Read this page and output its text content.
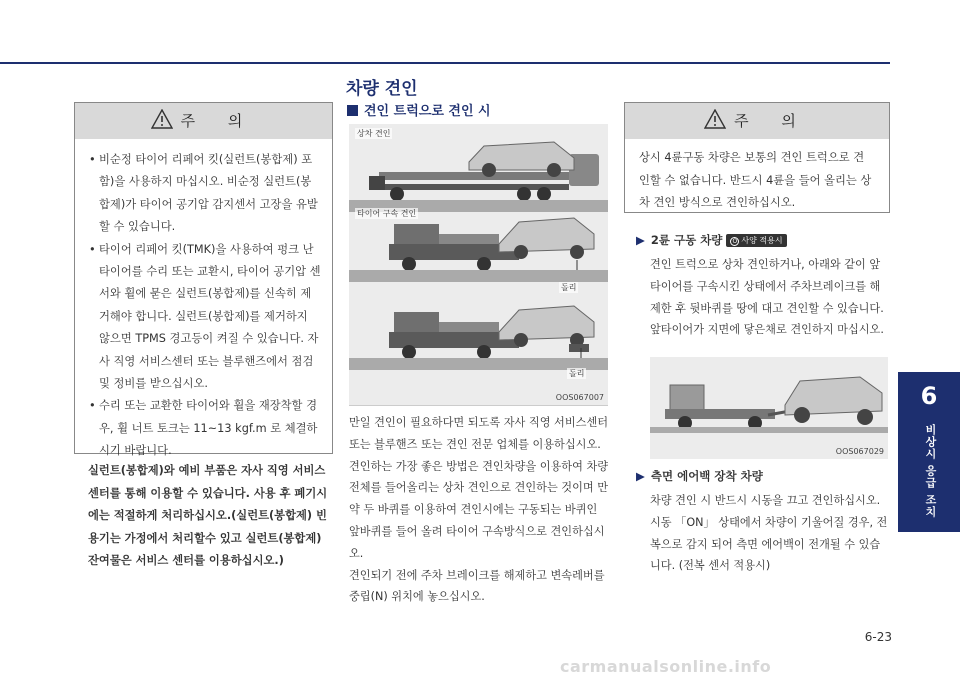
6
비상시 응급 조치
6-23
주 의
• 비순정 타이어 리페어 킷(실런트(봉합제) 포함)을 사용하지 마십시오. 비순정 실런트(봉합제)가 타이어 공기압 감지센서 고장을 유발할 수 있습니다.
• 타이어 리페어 킷(TMK)을 사용하여 펑크 난 타이어를 수리 또는 교환시, 타이어 공기압 센서와 휠에 묻은 실런트(봉합제)를 신속히 제거해야 합니다. 실런트(봉합제)를 제거하지 않으면 TPMS 경고등이 켜질 수 있습니다. 자사 직영 서비스센터 또는 블루핸즈에서 점검 및 정비를 받으십시오.
• 수리 또는 교환한 타이어와 휠을 재장착할 경우, 휠 너트 토크는 11~13 kgf.m 로 체결하시기 바랍니다.
실런트(봉합제)와 예비 부품은 자사 직영 서비스센터를 통해 이용할 수 있습니다. 사용 후 폐기시에는 적절하게 처리하십시오.(실런트(봉합제) 빈 용기는 가정에서 처리할수 있고 실런트(봉합제) 잔여물은 서비스 센터를 이용하십시오.)
차량 견인
견인 트럭으로 견인 시
상차 견인
타이어 구속 견인
돌리
돌리
OOS067007
만일 견인이 필요하다면 되도록 자사 직영 서비스센터 또는 블루핸즈 또는 견인 전문 업체를 이용하십시오.
견인하는 가장 좋은 방법은 견인차량을 이용하여 차량 전체를 들어올리는 상차 견인으로 견인하는 것이며 만약 두 바퀴를 이용하여 견인시에는 구동되는 바퀴인 앞바퀴를 들어 올려 타이어 구속방식으로 견인하십시오.
견인되기 전에 주차 브레이크를 해제하고 변속레버를 중립(N) 위치에 놓으십시오.
주 의
상시 4륜구동 차량은 보통의 견인 트럭으로 견인할 수 없습니다. 반드시 4륜을 들어 올리는 상차 견인 방식으로 견인하십시오.
▶ 2륜 구동 차량 O 사양 적용시
견인 트럭으로 상차 견인하거나, 아래와 같이 앞타이어를 구속시킨 상태에서 주차브레이크를 해제한 후 뒷바퀴를 땅에 대고 견인할 수 있습니다. 앞타이어가 지면에 닿은채로 견인하지 마십시오.
OOS067029
▶ 측면 에어백 장착 차량
차량 견인 시 반드시 시동을 끄고 견인하십시오. 시동 「ON」 상태에서 차량이 기울어질 경우, 전복으로 감지 되어 측면 에어백이 전개될 수 있습니다. (전복 센서 적용시)
carmanualsonline.info
